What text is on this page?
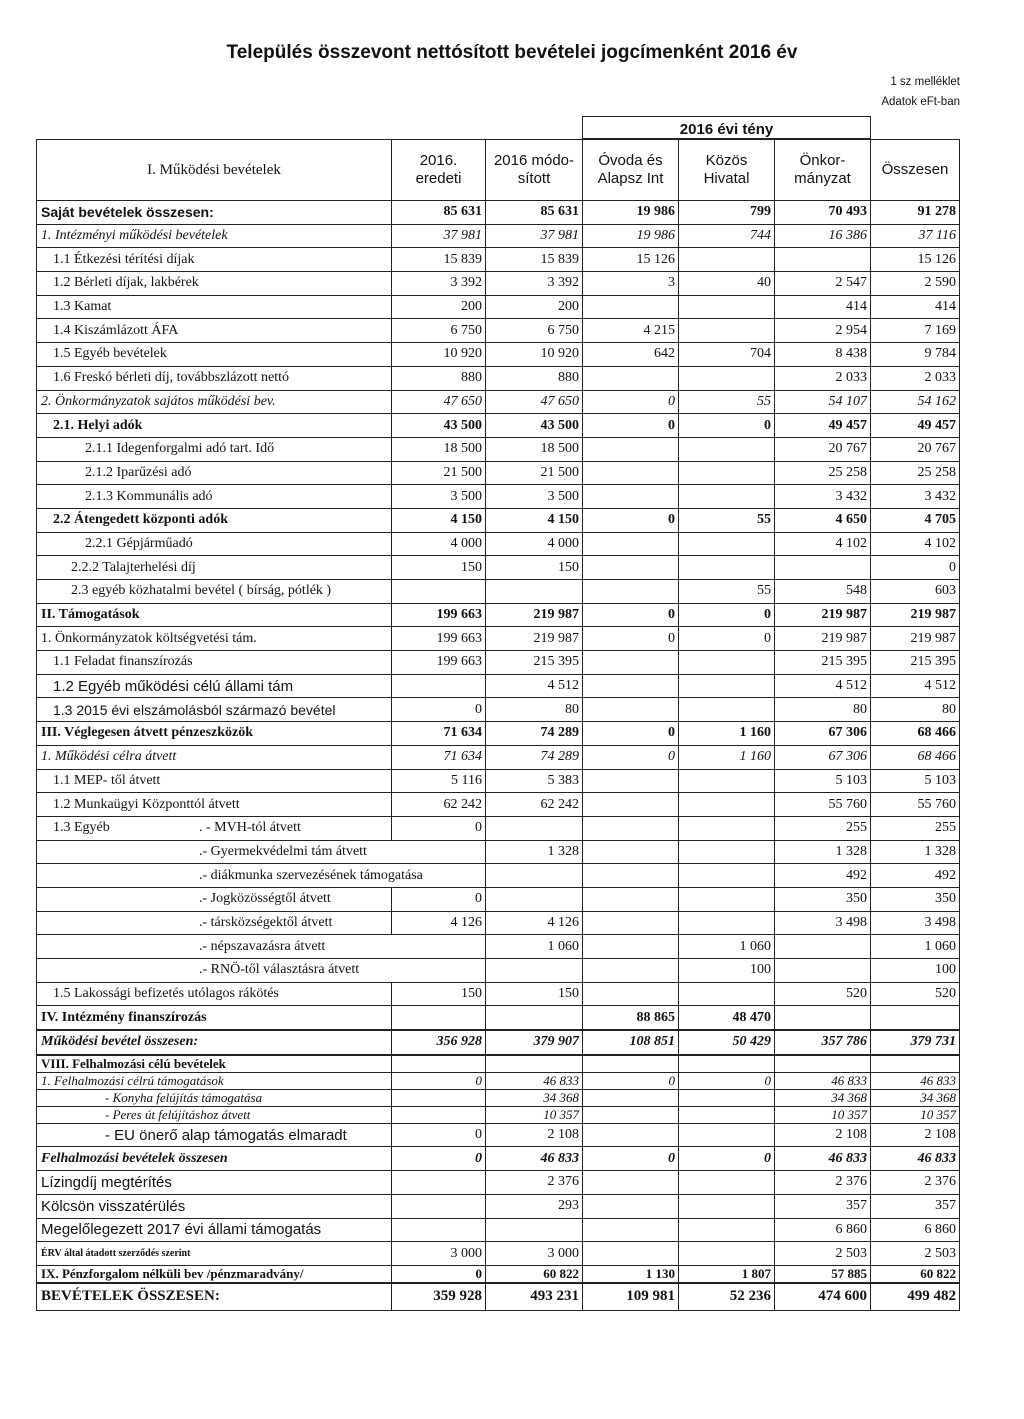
Település összevont nettósított bevételei jogcímenként 2016 év
1 sz melléklet
Adatok eFt-ban
			2016 évi tény			
I. Működési bevételek	2016. eredeti	2016 módo-sított	Óvoda és Alapsz Int	Közös Hivatal	Önkor-mányzat	Összesen
Saját bevételek összesen:	85 631	85 631	19 986	799	70 493	91 278
1. Intézményi működési bevételek	37 981	37 981	19 986	744	16 386	37 116
1.1 Étkezési térítési díjak	15 839	15 839	15 126			15 126
1.2 Bérleti díjak, lakbérek	3 392	3 392	3	40	2 547	2 590
1.3 Kamat	200	200			414	414
1.4 Kiszámlázott ÁFA	6 750	6 750	4 215		2 954	7 169
1.5 Egyéb bevételek	10 920	10 920	642	704	8 438	9 784
1.6 Freskó bérleti díj, továbbszlázott nettó	880	880			2 033	2 033
2. Önkormányzatok sajátos működési bev.	47 650	47 650	0	55	54 107	54 162
2.1. Helyi adók	43 500	43 500	0	0	49 457	49 457
2.1.1 Idegenforgalmi adó tart. Idő	18 500	18 500			20 767	20 767
2.1.2 Iparűzési adó	21 500	21 500			25 258	25 258
2.1.3 Kommunális adó	3 500	3 500			3 432	3 432
2.2 Átengedett központi adók	4 150	4 150	0	55	4 650	4 705
2.2.1 Gépjárműadó	4 000	4 000			4 102	4 102
2.2.2 Talajterhelési díj	150	150				0
2.3 egyéb közhatalmi bevétel ( bírság, pótlék )				55	548	603
II. Támogatások	199 663	219 987	0	0	219 987	219 987
1. Önkormányzatok költségvetési tám.	199 663	219 987	0	0	219 987	219 987
1.1 Feladat finanszírozás	199 663	215 395			215 395	215 395
1.2 Egyéb működési célú állami tám		4 512			4 512	4 512
1.3 2015 évi elszámolásból származó bevétel	0	80			80	80
III. Véglegesen átvett pénzeszközök	71 634	74 289	0	1 160	67 306	68 466
1. Működési célra átvett	71 634	74 289	0	1 160	67 306	68 466
1.1 MEP- től átvett	5 116	5 383			5 103	5 103
1.2 Munkaügyi Központtól átvett	62 242	62 242			55 760	55 760
1.3 Egyéb . - MVH-tól átvett	0				255	255
.- Gyermekvédelmi tám átvett		1 328			1 328	1 328
.- diákmunka szervezésének támogatása					492	492
.- Jogközösségtől átvett	0				350	350
.- társközségektől átvett	4 126	4 126			3 498	3 498
.- népszavazásra átvett		1 060		1 060		1 060
.- RNÖ-től választásra átvett				100		100
1.5 Lakossági befizetés utólagos rákötés	150	150			520	520
IV. Intézmény finanszírozás			88 865	48 470		
Működési bevétel összesen:	356 928	379 907	108 851	50 429	357 786	379 731
VIII. Felhalmozási célú bevételek						
1. Felhalmozási célrú támogatások	0	46 833	0	0	46 833	46 833
- Konyha felújítás támogatása		34 368			34 368	34 368
- Peres út felújításhoz átvett		10 357			10 357	10 357
- EU önerő alap támogatás elmaradt	0	2 108			2 108	2 108
Felhalmozási bevételek összesen	0	46 833	0	0	46 833	46 833
Lízingdíj megtérítés		2 376			2 376	2 376
Kölcsön visszatérülés		293			357	357
Megelőlegezett 2017 évi állami támogatás					6 860	6 860
ÉRV által átadott szerződés szerint	3 000	3 000			2 503	2 503
IX. Pénzforgalom nélküli bev /pénzmaradvány/	0	60 822	1 130	1 807	57 885	60 822
BEVÉTELEK ÖSSZESEN:	359 928	493 231	109 981	52 236	474 600	499 482
